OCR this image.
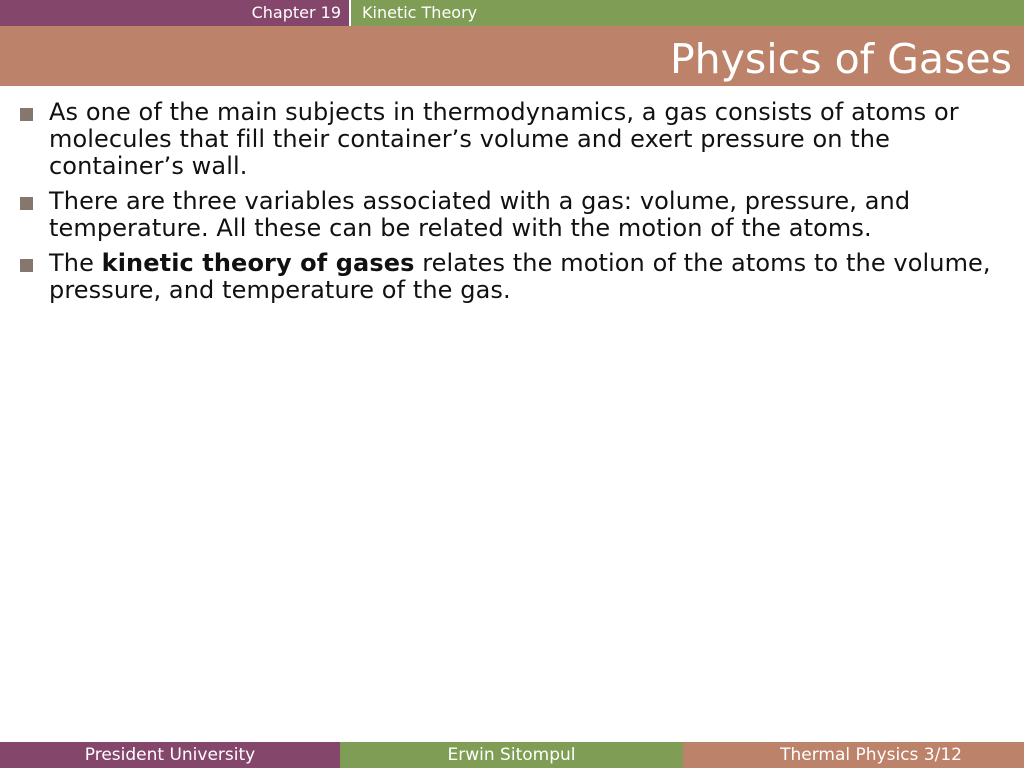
Chapter 19	Kinetic Theory
Physics of Gases
As one of the main subjects in thermodynamics, a gas consists of atoms or molecules that fill their container’s volume and exert pressure on the container’s wall.
There are three variables associated with a gas: volume, pressure, and temperature. All these can be related with the motion of the atoms.
The kinetic theory of gases relates the motion of the atoms to the volume, pressure, and temperature of the gas.
President University	Erwin Sitompul	Thermal Physics 3/12
